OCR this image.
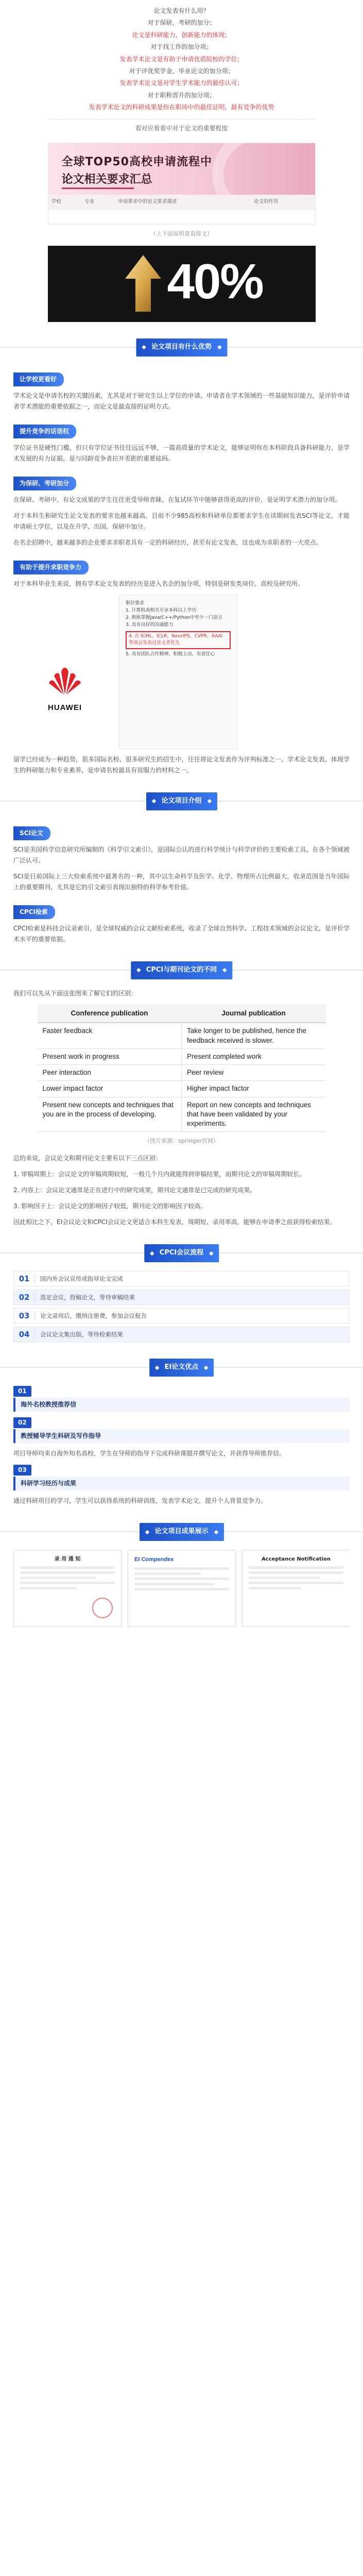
论文发表有什么用？

对于保研，考研的加分；

论文是科研能力，创新能力的体现；

对于找工作的加分项；

发表学术论文是有助于申请优质院校的学位；

对于评优奖学金，毕业论文的加分项；

发表学术论文是对学生学术能力的最佳认可；

对于职称晋升的加分项；

发表学术论文的科研成果是你在职场中的最佳证明，最有竞争的优势

看对应看看中对于论文的重要程度

全球TOP50高校申请流程中
论文相关要求汇总
学校	专业	申请要求中的论文要求描述	论文的作用

（上下面说明查看原文）
40%
论文项目有什么优势
让学校更看好

学术论文是申请名校的关键因素，尤其是对于研究生以上学位的申请。申请者在学术领域的一些基础知识能力，是评价申请者学术潜能的重要依据之一，而论文是最直接的证明方式。

提升竞争的话语权

学位证书是硬性门槛，但只有学位证书往往远远不够，一篇高质量的学术论文，能够证明你在本科阶段具备科研能力，是学术发展的有力证据，是与同龄竞争者拉开差距的重要砝码。

为保研、考研加分

在保研、考研中，有论文成果的学生往往更受导师青睐，在复试环节中能够获得更高的评价，是证明学术潜力的加分项。

对于本科生和研究生论文发表的要求也越来越高，目前不少985高校和科研单位都要求学生在读期间发表SCI等论文，才能申请硕士学位，以及在升学、出国、保研中加分。

在名企招聘中，越来越多的企业要求求职者具有一定的科研经历，甚至有论文发表，这也成为求职者的一大亮点。

有助于提升求职竞争力

对于本科毕业生来说，拥有学术论文发表的经历是进入名企的加分项，特别是研发类岗位、高校及研究所。

HUAWEI
职位要求
1. 计算机或相关专业本科以上学历
2. 熟练掌握Java/C++/Python中至少一门语言
3. 具有良好的沟通能力
4. 在 ICML、ICLR、NeurIPS、CVPR、AAAI 等顶会发表过论文者优先
5. 具有团队合作精神，积极主动，有责任心

留学已经成为一种趋势，很多国际名校、很多研究生的招生中，往往将论文发表作为评判标准之一。学术论文发表，体现学生的科研能力和专业素养，是申请名校最具有说服力的材料之一。

论文项目介绍
SCI论文

SCI是美国科学信息研究所编制的《科学引文索引》，是国际公认的进行科学统计与科学评价的主要检索工具，在各个领域被广泛认可。

SCI是目前国际上三大检索系统中最著名的一种，其中以生命科学及医学、化学、物理所占比例最大，收录范围是当年国际上的重要期刊，尤其是它的引文索引表现出独特的科学参考价值。

CPCI检索

CPCI检索是科技会议录索引，是全球权威的会议文献检索系统，收录了全球自然科学、工程技术领域的会议论文，是评价学术水平的重要依据。

CPCI与期刊论文的不同

我们可以先从下面这张图来了解它们的区别：

Conference publication	Journal publication
Faster feedback	Take longer to be published, hence the feedback received is slower.
Present work in progress	Present completed work
Peer interaction	Peer review
Lower impact factor	Higher impact factor
Present new concepts and techniques that you are in the process of developing.	Report on new concepts and techniques that have been validated by your experiments.
（图片来源：springer官网）

总的来说，会议论文和期刊论文主要有以下三点区别：

1. 审稿周期上：会议论文的审稿周期较短，一般几个月内就能得到审稿结果，而期刊论文的审稿周期较长。

2. 内容上：会议论文通常是正在进行中的研究成果，期刊论文通常是已完成的研究成果。

3. 影响因子上：会议论文的影响因子较低，期刊论文的影响因子较高。

因此相比之下，EI会议论文和CPCI会议论文更适合本科生发表，周期短、录用率高，能够在申请季之前获得检索结果。

CPCI会议流程
01	国内外会议宣传或指导论文完成
02	选定会议，投稿论文，等待审稿结果
03	论文录用后，缴纳注册费，参加会议报告
04	会议论文集出版，等待检索结果
EI论文优点
01
海外名校教授推荐信
02
教授辅导学生科研及写作指导

项目导师均来自海外知名高校，学生在导师的指导下完成科研课题并撰写论文，并获得导师推荐信。

03
科研学习经历与成果

通过科研项目的学习，学生可以获得系统的科研训练，发表学术论文，提升个人背景竞争力。

论文项目成果展示
录 用 通 知	EI Compendex	Acceptance Notification
